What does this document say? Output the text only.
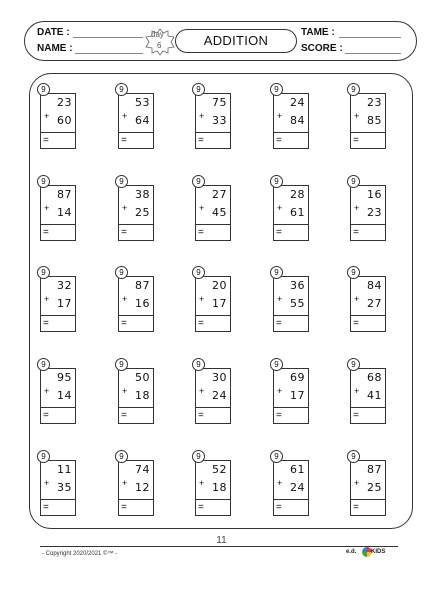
DATE :
NAME :
day
6	ADDITION
TAME :
SCORE :
+
23
60
=
9
+
53
64
=
9
+
75
33
=
9
+
24
84
=
9
+
23
85
=
9
+
87
14
=
9
+
38
25
=
9
+
27
45
=
9
+
28
61
=
9
+
16
23
=
9
+
32
17
=
9
+
87
16
=
9
+
20
17
=
9
+
36
55
=
9
+
84
27
=
9
+
95
14
=
9
+
50
18
=
9
+
30
24
=
9
+
69
17
=
9
+
68
41
=
9
+
11
35
=
9
+
74
12
=
9
+
52
18
=
9
+
61
24
=
9
+
87
25
=
9
11
- Copyright 2020/2021 ©™ -	e.d. KIDS
